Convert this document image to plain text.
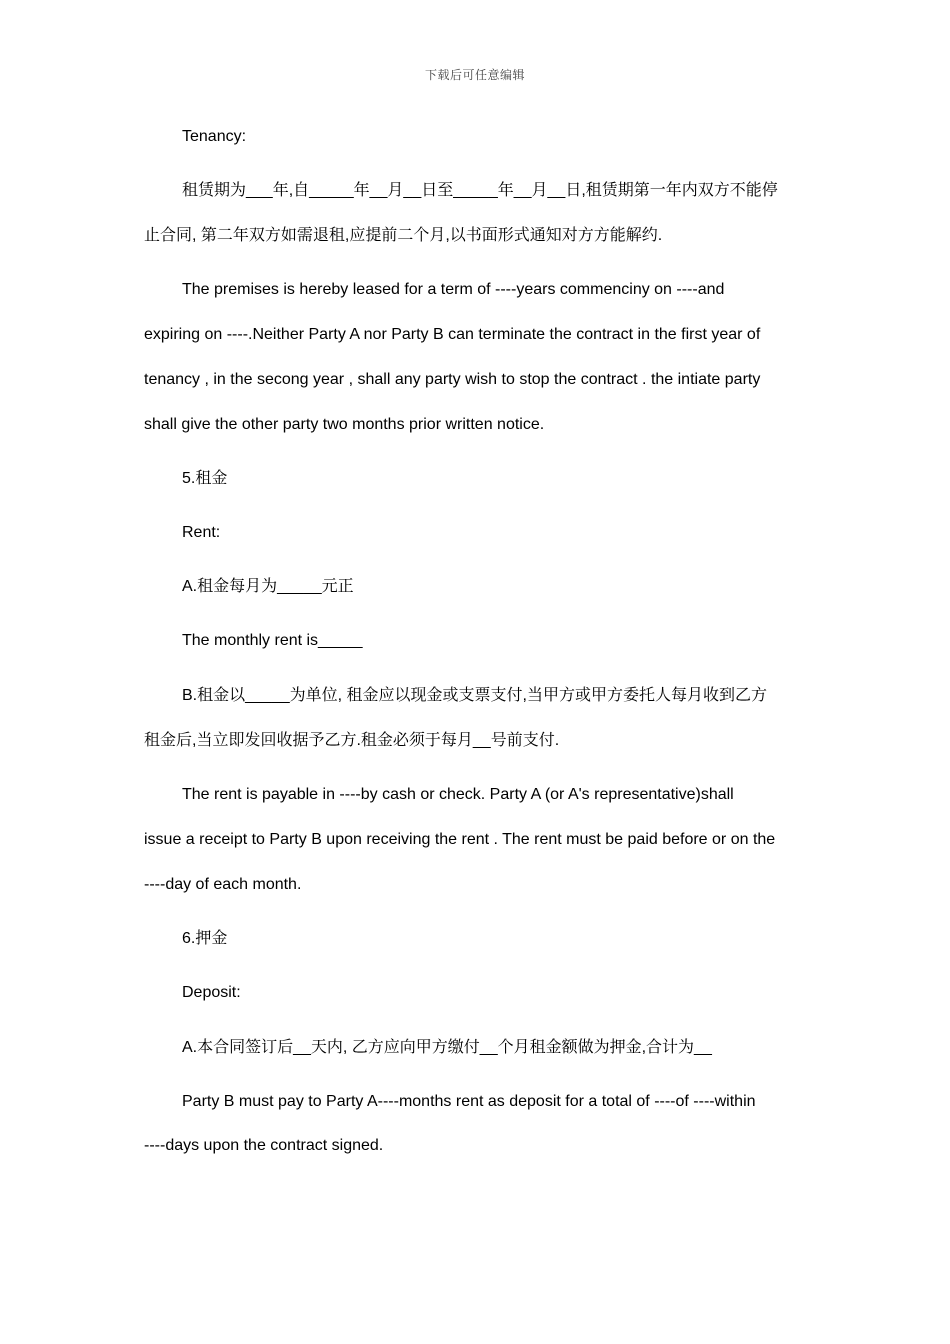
下载后可任意编辑
Tenancy:
租赁期为___年,自_____年__月__日至_____年__月__日,租赁期第一年内双方不能停
止合同, 第二年双方如需退租,应提前二个月,以书面形式通知对方方能解约.
The premises is hereby leased for a term of ----years commenciny on ----and
expiring on ----.Neither Party A nor Party B can terminate the contract in the first year of
tenancy , in the secong year , shall any party wish to stop the contract . the intiate party
shall give the other party two months prior written notice.
5.租金
Rent:
A.租金每月为_____元正
The monthly rent is_____
B.租金以_____为单位, 租金应以现金或支票支付,当甲方或甲方委托人每月收到乙方
租金后,当立即发回收据予乙方.租金必须于每月__号前支付.
The rent is payable in ----by cash or check. Party A (or A's representative)shall
issue a receipt to Party B upon receiving the rent . The rent must be paid before or on the
----day of each month.
6.押金
Deposit:
A.本合同签订后__天内, 乙方应向甲方缴付__个月租金额做为押金,合计为__
Party B must pay to Party A----months rent as deposit for a total of ----of ----within
----days upon the contract signed.
